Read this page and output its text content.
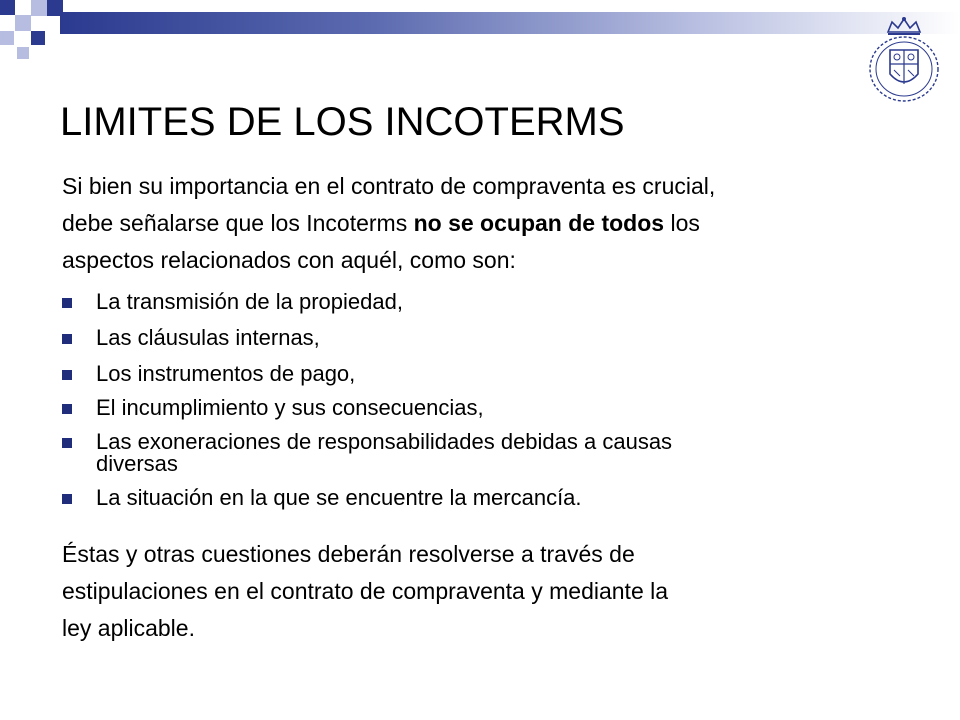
LIMITES DE LOS INCOTERMS
Si bien su importancia en el contrato de compraventa es crucial,
debe señalarse que los Incoterms no se ocupan de todos los
aspectos relacionados con aquél, como son:
La transmisión de la propiedad,
Las cláusulas internas,
Los instrumentos de pago,
El incumplimiento y sus consecuencias,
Las exoneraciones de responsabilidades debidas a causas
diversas
La situación en la que se encuentre la mercancía.
Éstas y otras cuestiones deberán resolverse a través de
estipulaciones en el contrato de compraventa y mediante la
ley aplicable.
